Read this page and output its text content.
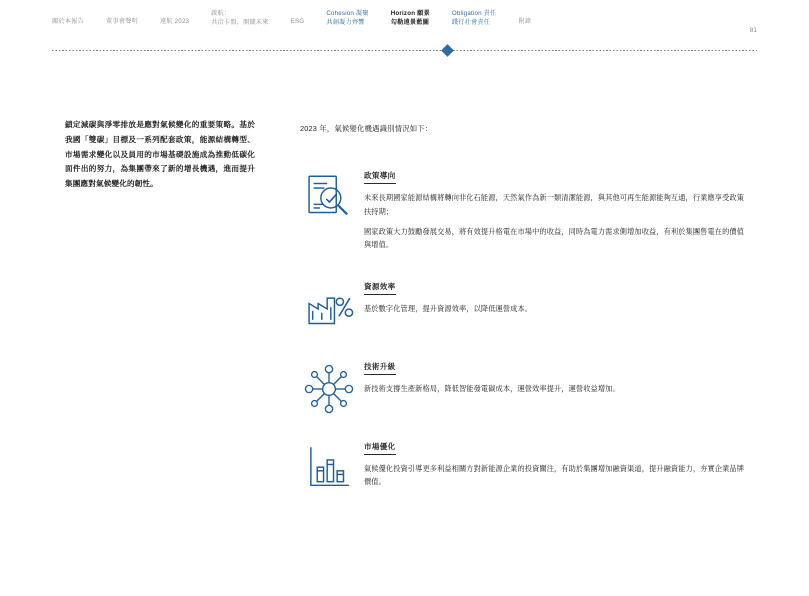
關於本報告	董事會聲明	遠航 2023
啟航：
共洽卡盟，開闊未來	ESG
Cohesion 凝聚
共創凝力齊響
Horizon 願景
勾勒遠景藍圖
Obligation 責任
踐行社會責任	附錄
81

鎖定減碳與淨零排放是應對氣候變化的重要策略。基於我國「雙碳」目標及一系列配套政策，能源結構轉型、市場需求變化以及員用的市場基礎設施成為推動低碳化面件出的努力，為集團帶來了新的增長機遇，進而提升集團應對氣候變化的韌性。

2023 年，氣候變化機遇識別情況如下：

政策導向

未來長期國家能源結構將轉向非化石能源，天然氣作為新一類清潔能源，與其他可再生能源能夠互通，行業應享受政策扶持期；

國家政策大力鼓勵發展交易，將有效提升格電在市場中的收益，同時為電力需求側增加收益，有利於集團售電在的價值與增值。

資源效率

基於數字化管理，提升資源效率，以降低運營成本。

技術升級

新技術支撐生產新格局，降低智能發電碳成本，運營效率提升，運營收益增加。

市場優化

氣候優化投資引導更多利益相關方對新能源企業的投資關注，有助於集團增加融資渠道，提升融資能力，夯實企業品牌價值。
